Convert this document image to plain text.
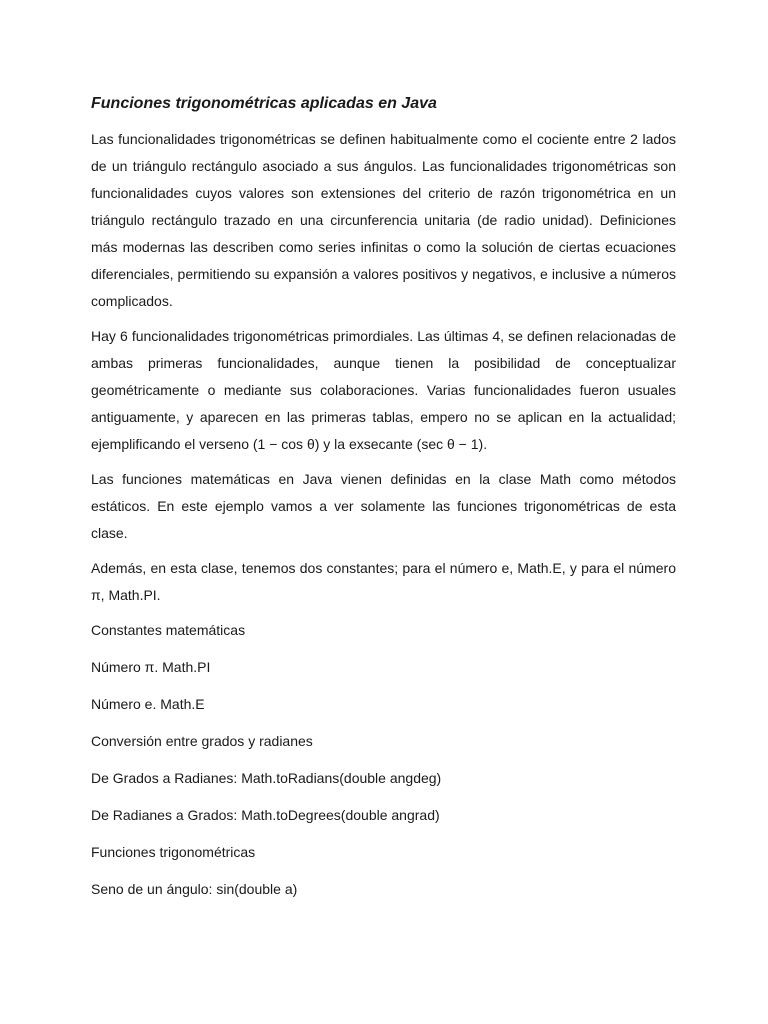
Funciones trigonométricas aplicadas en Java

Las funcionalidades trigonométricas se definen habitualmente como el cociente entre 2 lados de un triángulo rectángulo asociado a sus ángulos. Las funcionalidades trigonométricas son funcionalidades cuyos valores son extensiones del criterio de razón trigonométrica en un triángulo rectángulo trazado en una circunferencia unitaria (de radio unidad). Definiciones más modernas las describen como series infinitas o como la solución de ciertas ecuaciones diferenciales, permitiendo su expansión a valores positivos y negativos, e inclusive a números complicados.

Hay 6 funcionalidades trigonométricas primordiales. Las últimas 4, se definen relacionadas de ambas primeras funcionalidades, aunque tienen la posibilidad de conceptualizar geométricamente o mediante sus colaboraciones. Varias funcionalidades fueron usuales antiguamente, y aparecen en las primeras tablas, empero no se aplican en la actualidad; ejemplificando el verseno (1 − cos θ) y la exsecante (sec θ − 1).

Las funciones matemáticas en Java vienen definidas en la clase Math como métodos estáticos. En este ejemplo vamos a ver solamente las funciones trigonométricas de esta clase.

Además, en esta clase, tenemos dos constantes; para el número e, Math.E, y para el número π, Math.PI.

Constantes matemáticas

Número π. Math.PI

Número e. Math.E

Conversión entre grados y radianes

De Grados a Radianes: Math.toRadians(double angdeg)

De Radianes a Grados: Math.toDegrees(double angrad)

Funciones trigonométricas

Seno de un ángulo: sin(double a)
